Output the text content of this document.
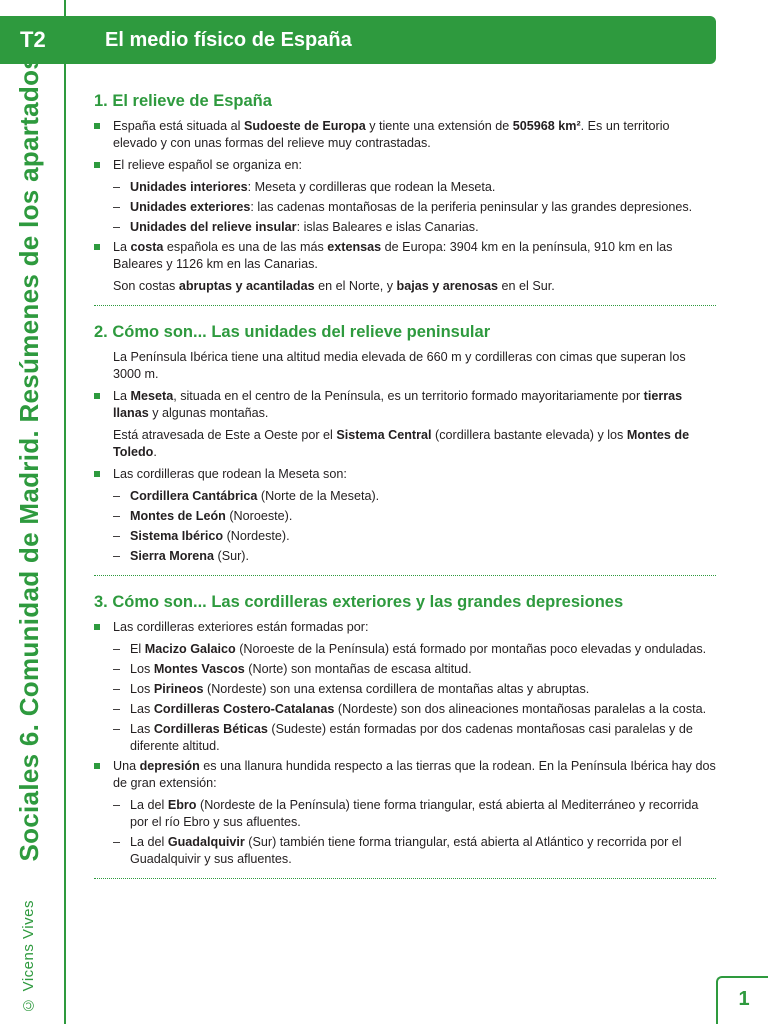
T2	El medio físico de España
© Vicens Vives Sociales 6. Comunidad de Madrid. Resúmenes de los apartados	1. El relieve de España
España está situada al Sudoeste de Europa y tiente una extensión de 505968 km². Es un territorio elevado y con unas formas del relieve muy contrastadas.
El relieve español se organiza en:
– Unidades interiores: Meseta y cordilleras que rodean la Meseta.
– Unidades exteriores: las cadenas montañosas de la periferia peninsular y las grandes depresiones.
– Unidades del relieve insular: islas Baleares e islas Canarias.
La costa española es una de las más extensas de Europa: 3904 km en la península, 910 km en las Baleares y 1126 km en las Canarias.
Son costas abruptas y acantiladas en el Norte, y bajas y arenosas en el Sur.
2. Cómo son... Las unidades del relieve peninsular
La Península Ibérica tiene una altitud media elevada de 660 m y cordilleras con cimas que superan los 3000 m.
La Meseta, situada en el centro de la Península, es un territorio formado mayoritariamente por tierras llanas y algunas montañas.
Está atravesada de Este a Oeste por el Sistema Central (cordillera bastante elevada) y los Montes de Toledo.
Las cordilleras que rodean la Meseta son:
– Cordillera Cantábrica (Norte de la Meseta).
– Montes de León (Noroeste).
– Sistema Ibérico (Nordeste).
– Sierra Morena (Sur).
3. Cómo son... Las cordilleras exteriores y las grandes depresiones
Las cordilleras exteriores están formadas por:
– El Macizo Galaico (Noroeste de la Península) está formado por montañas poco elevadas y onduladas.
– Los Montes Vascos (Norte) son montañas de escasa altitud.
– Los Pirineos (Nordeste) son una extensa cordillera de montañas altas y abruptas.
– Las Cordilleras Costero-Catalanas (Nordeste) son dos alineaciones montañosas paralelas a la costa.
– Las Cordilleras Béticas (Sudeste) están formadas por dos cadenas montañosas casi paralelas y de diferente altitud.
Una depresión es una llanura hundida respecto a las tierras que la rodean. En la Península Ibérica hay dos de gran extensión:
– La del Ebro (Nordeste de la Península) tiene forma triangular, está abierta al Mediterráneo y recorrida por el río Ebro y sus afluentes.
– La del Guadalquivir (Sur) también tiene forma triangular, está abierta al Atlántico y recorrida por el Guadalquivir y sus afluentes.
1
